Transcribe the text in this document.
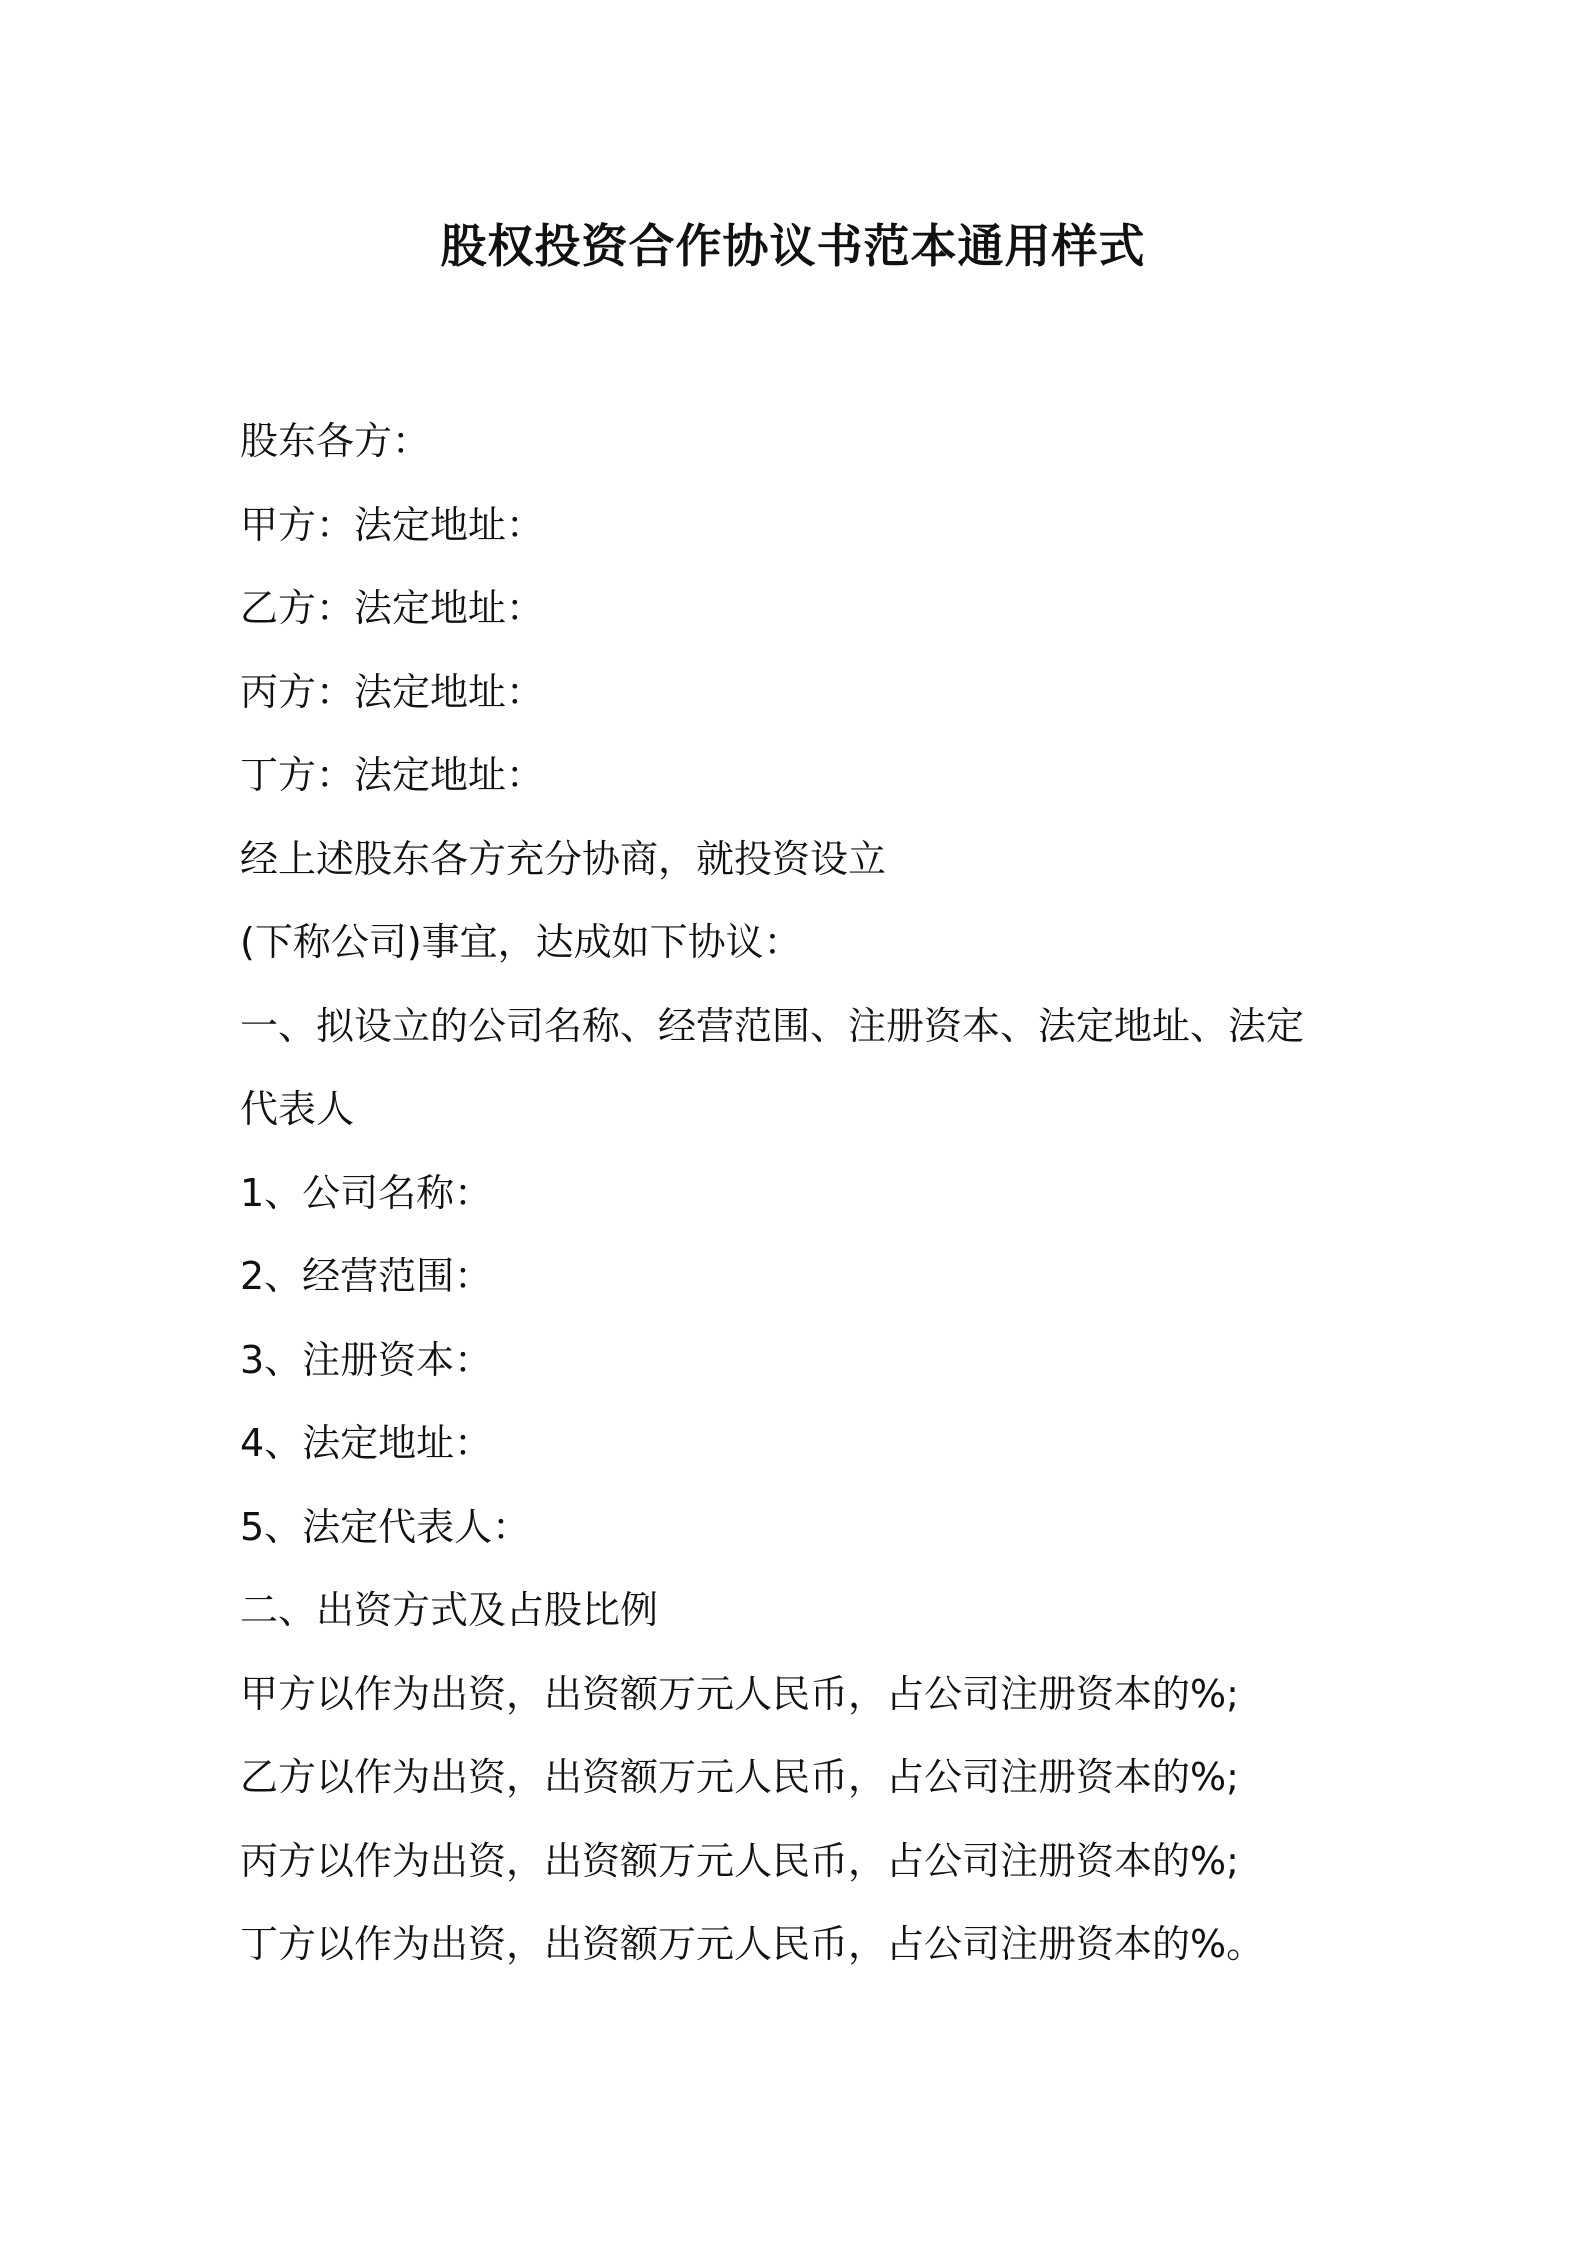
股权投资合作协议书范本通用样式
股东各方：
甲方：法定地址：
乙方：法定地址：
丙方：法定地址：
丁方：法定地址：
经上述股东各方充分协商，就投资设立
(下称公司)事宜，达成如下协议：
一、拟设立的公司名称、经营范围、注册资本、法定地址、法定
代表人
1、公司名称：
2、经营范围：
3、注册资本：
4、法定地址：
5、法定代表人：
二、出资方式及占股比例
甲方以作为出资，出资额万元人民币，占公司注册资本的%;
乙方以作为出资，出资额万元人民币，占公司注册资本的%;
丙方以作为出资，出资额万元人民币，占公司注册资本的%;
丁方以作为出资，出资额万元人民币，占公司注册资本的%。
